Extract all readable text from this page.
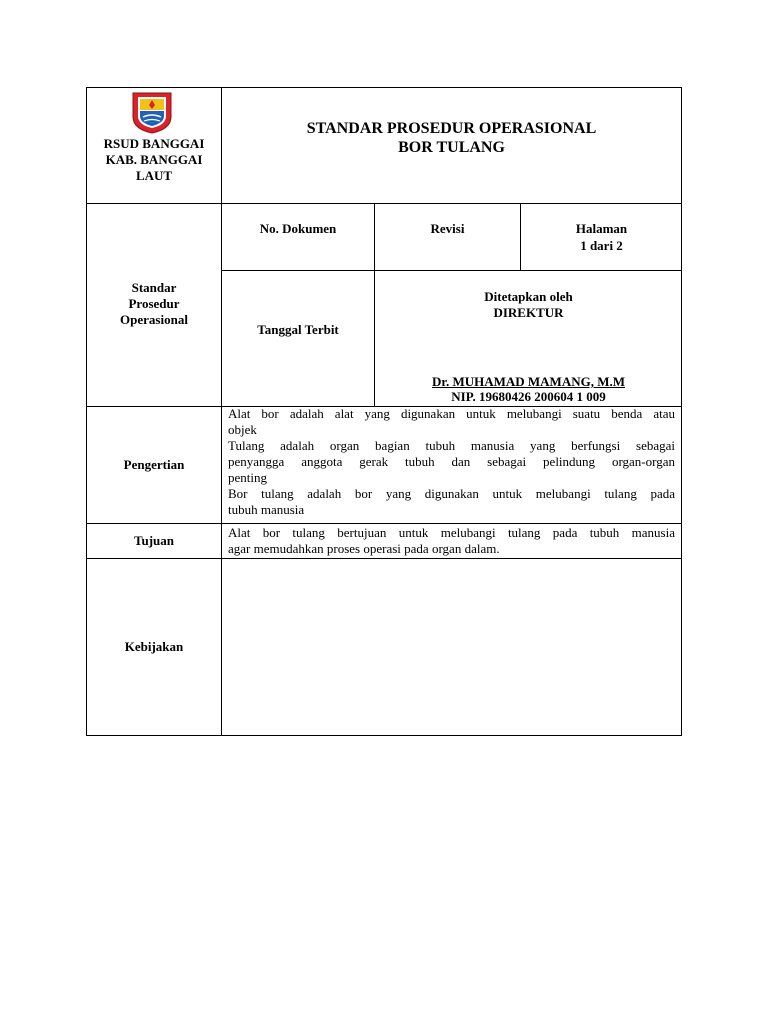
RSUD BANGGAI
KAB. BANGGAI
LAUT
STANDAR PROSEDUR OPERASIONAL
BOR TULANG
Standar
Prosedur
Operasional
No. Dokumen	Revisi	Halaman
1 dari 2
Tanggal Terbit
Ditetapkan oleh
DIREKTUR
Dr. MUHAMAD MAMANG, M.M
NIP. 19680426 200604 1 009
Pengertian
Alat bor adalah alat yang digunakan untuk melubangi suatu benda atau
objek
Tulang adalah organ bagian tubuh manusia yang berfungsi sebagai
penyangga anggota gerak tubuh dan sebagai pelindung organ-organ
penting
Bor tulang adalah bor yang digunakan untuk melubangi tulang pada
tubuh manusia
Tujuan
Alat bor tulang bertujuan untuk melubangi tulang pada tubuh manusia
agar memudahkan proses operasi pada organ dalam.
Kebijakan
